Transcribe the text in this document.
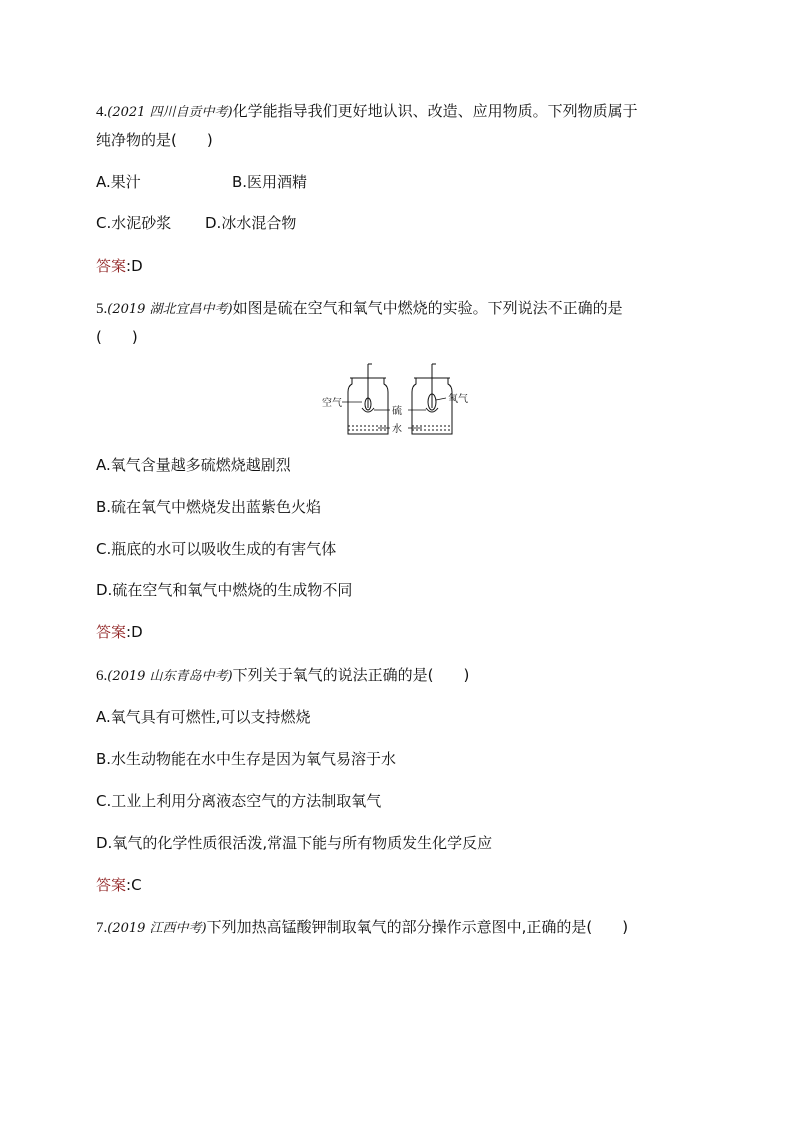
4.(2021 四川自贡中考)化学能指导我们更好地认识、改造、应用物质。下列物质属于
纯净物的是(　　)
A.果汁	B.医用酒精
C.水泥砂浆 D.冰水混合物
答案:D
5.(2019 湖北宜昌中考)如图是硫在空气和氧气中燃烧的实验。下列说法不正确的是
(　　)
空气
硫
水
氧气
A.氧气含量越多硫燃烧越剧烈
B.硫在氧气中燃烧发出蓝紫色火焰
C.瓶底的水可以吸收生成的有害气体
D.硫在空气和氧气中燃烧的生成物不同
答案:D
6.(2019 山东青岛中考)下列关于氧气的说法正确的是(　　)
A.氧气具有可燃性,可以支持燃烧
B.水生动物能在水中生存是因为氧气易溶于水
C.工业上利用分离液态空气的方法制取氧气
D.氧气的化学性质很活泼,常温下能与所有物质发生化学反应
答案:C
7.(2019 江西中考)下列加热高锰酸钾制取氧气的部分操作示意图中,正确的是(　　)
